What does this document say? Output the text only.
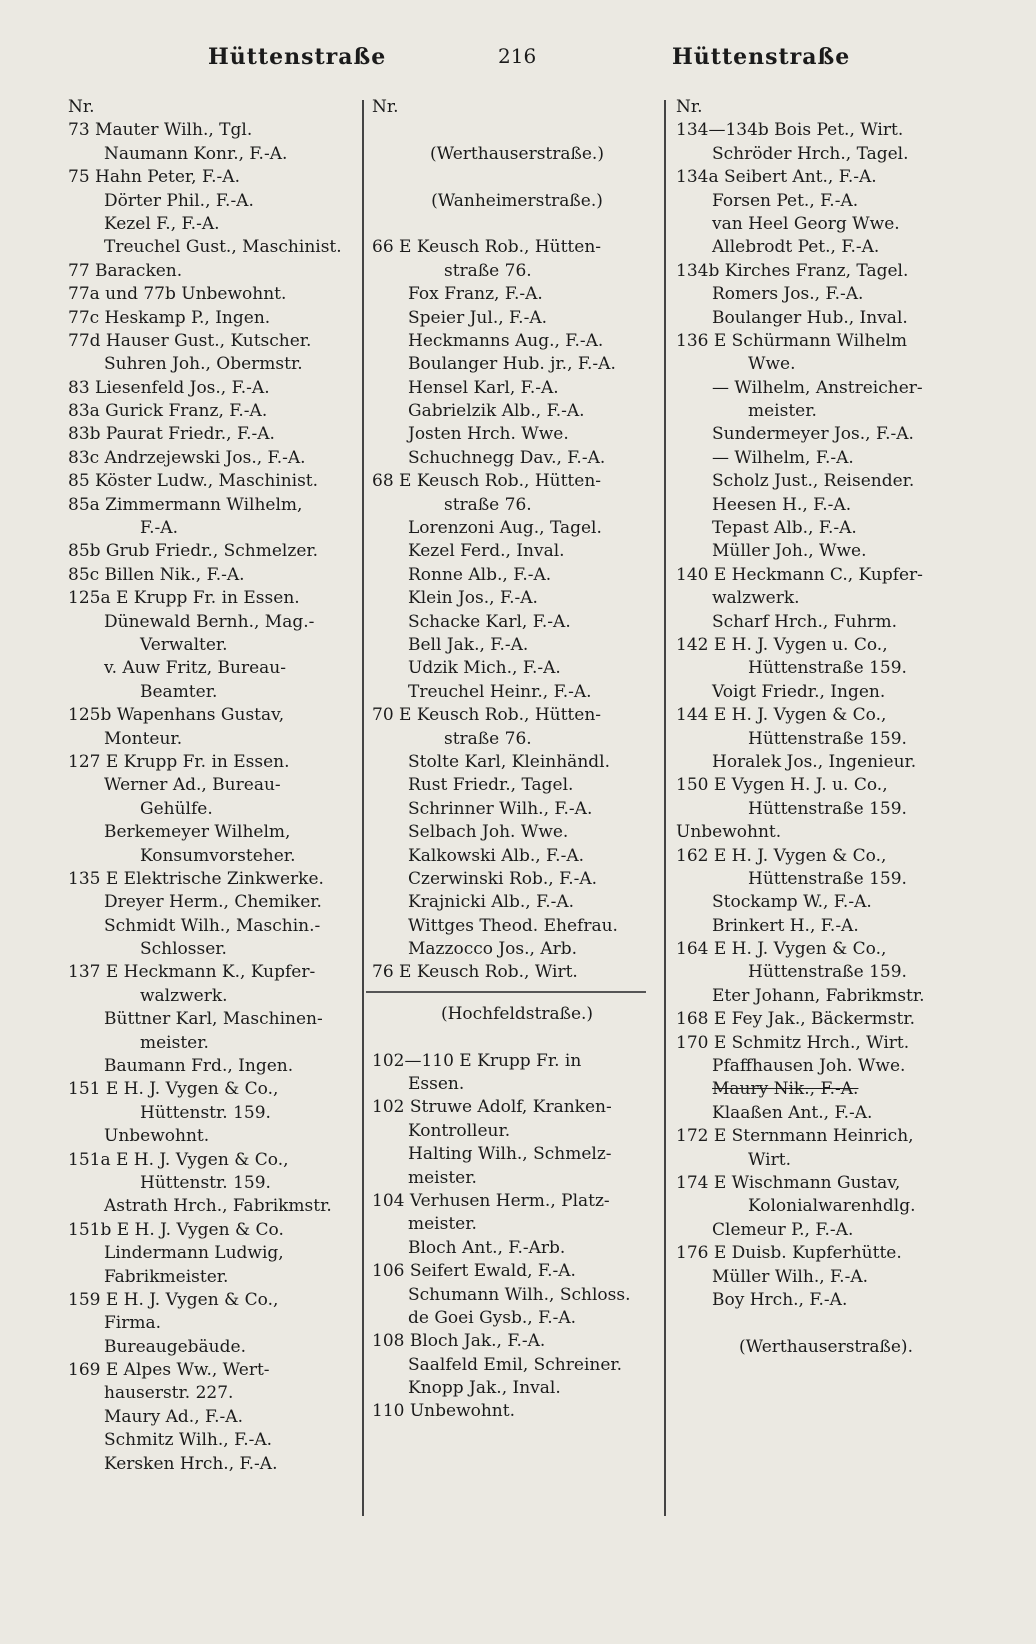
Hüttenstraße	216	Hüttenstraße
Nr.
73 Mauter Wilh., Tgl.
Naumann Konr., F.-A.
75 Hahn Peter, F.-A.
Dörter Phil., F.-A.
Kezel F., F.-A.
Treuchel Gust., Maschinist.
77 Baracken.
77a und 77b Unbewohnt.
77c Heskamp P., Ingen.
77d Hauser Gust., Kutscher.
Suhren Joh., Obermstr.
83 Liesenfeld Jos., F.-A.
83a Gurick Franz, F.-A.
83b Paurat Friedr., F.-A.
83c Andrzejewski Jos., F.-A.
85 Köster Ludw., Maschinist.
85a Zimmermann Wilhelm,
F.-A.
85b Grub Friedr., Schmelzer.
85c Billen Nik., F.-A.
125a E Krupp Fr. in Essen.
Dünewald Bernh., Mag.-
Verwalter.
v. Auw Fritz, Bureau-
Beamter.
125b Wapenhans Gustav,
Monteur.
127 E Krupp Fr. in Essen.
Werner Ad., Bureau-
Gehülfe.
Berkemeyer Wilhelm,
Konsumvorsteher.
135 E Elektrische Zinkwerke.
Dreyer Herm., Chemiker.
Schmidt Wilh., Maschin.-
Schlosser.
137 E Heckmann K., Kupfer-
walzwerk.
Büttner Karl, Maschinen-
meister.
Baumann Frd., Ingen.
151 E H. J. Vygen & Co.,
Hüttenstr. 159.
Unbewohnt.
151a E H. J. Vygen & Co.,
Hüttenstr. 159.
Astrath Hrch., Fabrikmstr.
151b E H. J. Vygen & Co.
Lindermann Ludwig,
Fabrikmeister.
159 E H. J. Vygen & Co.,
Firma.
Bureaugebäude.
169 E Alpes Ww., Wert-
hauserstr. 227.
Maury Ad., F.-A.
Schmitz Wilh., F.-A.
Kersken Hrch., F.-A.
Nr.
(Werthauserstraße.)
(Wanheimerstraße.)
66 E Keusch Rob., Hütten-
straße 76.
Fox Franz, F.-A.
Speier Jul., F.-A.
Heckmanns Aug., F.-A.
Boulanger Hub. jr., F.-A.
Hensel Karl, F.-A.
Gabrielzik Alb., F.-A.
Josten Hrch. Wwe.
Schuchnegg Dav., F.-A.
68 E Keusch Rob., Hütten-
straße 76.
Lorenzoni Aug., Tagel.
Kezel Ferd., Inval.
Ronne Alb., F.-A.
Klein Jos., F.-A.
Schacke Karl, F.-A.
Bell Jak., F.-A.
Udzik Mich., F.-A.
Treuchel Heinr., F.-A.
70 E Keusch Rob., Hütten-
straße 76.
Stolte Karl, Kleinhändl.
Rust Friedr., Tagel.
Schrinner Wilh., F.-A.
Selbach Joh. Wwe.
Kalkowski Alb., F.-A.
Czerwinski Rob., F.-A.
Krajnicki Alb., F.-A.
Wittges Theod. Ehefrau.
Mazzocco Jos., Arb.
76 E Keusch Rob., Wirt.
(Hochfeldstraße.)
102—110 E Krupp Fr. in
Essen.
102 Struwe Adolf, Kranken-
Kontrolleur.
Halting Wilh., Schmelz-
meister.
104 Verhusen Herm., Platz-
meister.
Bloch Ant., F.-Arb.
106 Seifert Ewald, F.-A.
Schumann Wilh., Schloss.
de Goei Gysb., F.-A.
108 Bloch Jak., F.-A.
Saalfeld Emil, Schreiner.
Knopp Jak., Inval.
110 Unbewohnt.
Nr.
134—134b Bois Pet., Wirt.
Schröder Hrch., Tagel.
134a Seibert Ant., F.-A.
Forsen Pet., F.-A.
van Heel Georg Wwe.
Allebrodt Pet., F.-A.
134b Kirches Franz, Tagel.
Romers Jos., F.-A.
Boulanger Hub., Inval.
136 E Schürmann Wilhelm
Wwe.
— Wilhelm, Anstreicher-
meister.
Sundermeyer Jos., F.-A.
— Wilhelm, F.-A.
Scholz Just., Reisender.
Heesen H., F.-A.
Tepast Alb., F.-A.
Müller Joh., Wwe.
140 E Heckmann C., Kupfer-
walzwerk.
Scharf Hrch., Fuhrm.
142 E H. J. Vygen u. Co.,
Hüttenstraße 159.
Voigt Friedr., Ingen.
144 E H. J. Vygen & Co.,
Hüttenstraße 159.
Horalek Jos., Ingenieur.
150 E Vygen H. J. u. Co.,
Hüttenstraße 159.
Unbewohnt.
162 E H. J. Vygen & Co.,
Hüttenstraße 159.
Stockamp W., F.-A.
Brinkert H., F.-A.
164 E H. J. Vygen & Co.,
Hüttenstraße 159.
Eter Johann, Fabrikmstr.
168 E Fey Jak., Bäckermstr.
170 E Schmitz Hrch., Wirt.
Pfaffhausen Joh. Wwe.
Maury Nik., F.-A.
Klaaßen Ant., F.-A.
172 E Sternmann Heinrich,
Wirt.
174 E Wischmann Gustav,
Kolonialwarenhdlg.
Clemeur P., F.-A.
176 E Duisb. Kupferhütte.
Müller Wilh., F.-A.
Boy Hrch., F.-A.
(Werthauserstraße).
